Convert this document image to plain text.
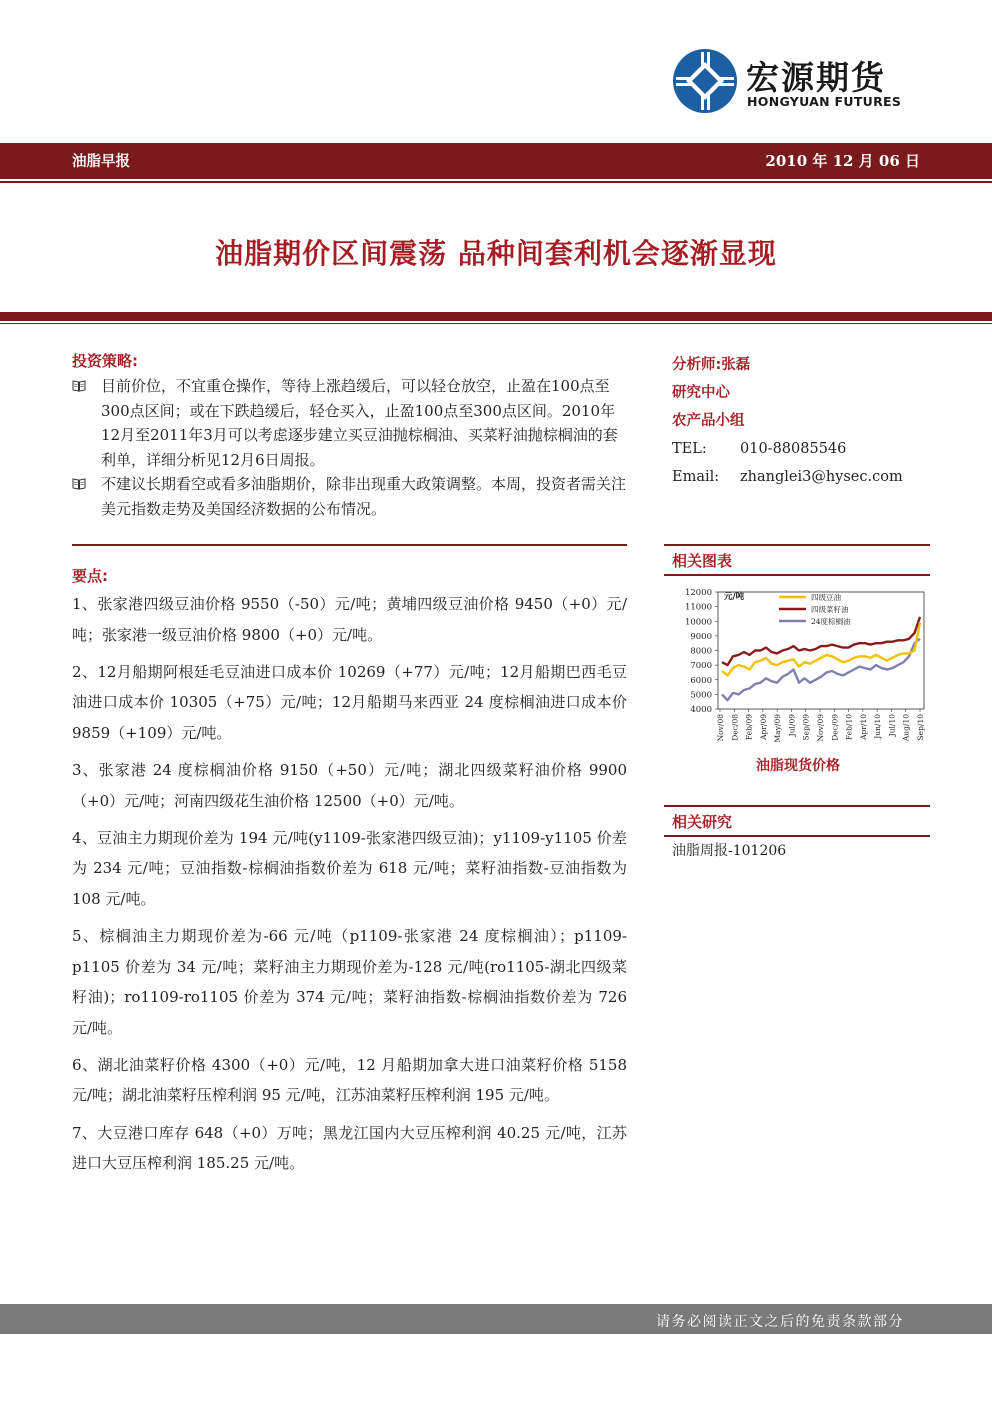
宏源期货
HONGYUAN FUTURES
油脂早报	2010 年 12 月 06 日
油脂期价区间震荡 品种间套利机会逐渐显现
投资策略:
目前价位，不宜重仓操作，等待上涨趋缓后，可以轻仓放空，止盈在100点至300点区间；或在下跌趋缓后，轻仓买入，止盈100点至300点区间。2010年12月至2011年3月可以考虑逐步建立买豆油抛棕榈油、买菜籽油抛棕榈油的套利单，详细分析见12月6日周报。
不建议长期看空或看多油脂期价，除非出现重大政策调整。本周，投资者需关注美元指数走势及美国经济数据的公布情况。
要点:

1、张家港四级豆油价格 9550（-50）元/吨；黄埔四级豆油价格 9450（+0）元/吨；张家港一级豆油价格 9800（+0）元/吨。

2、12月船期阿根廷毛豆油进口成本价 10269（+77）元/吨；12月船期巴西毛豆油进口成本价 10305（+75）元/吨；12月船期马来西亚 24 度棕榈油进口成本价 9859（+109）元/吨。

3、张家港 24 度棕榈油价格 9150（+50）元/吨；湖北四级菜籽油价格 9900（+0）元/吨；河南四级花生油价格 12500（+0）元/吨。

4、豆油主力期现价差为 194 元/吨(y1109-张家港四级豆油)；y1109-y1105 价差为 234 元/吨；豆油指数-棕榈油指数价差为 618 元/吨；菜籽油指数-豆油指数为 108 元/吨。

5、棕榈油主力期现价差为-66 元/吨（p1109-张家港 24 度棕榈油）；p1109-p1105 价差为 34 元/吨；菜籽油主力期现价差为-128 元/吨(ro1105-湖北四级菜籽油)；ro1109-ro1105 价差为 374 元/吨；菜籽油指数-棕榈油指数价差为 726 元/吨。

6、湖北油菜籽价格 4300（+0）元/吨，12 月船期加拿大进口油菜籽价格 5158 元/吨；湖北油菜籽压榨利润 95 元/吨，江苏油菜籽压榨利润 195 元/吨。

7、大豆港口库存 648（+0）万吨；黑龙江国内大豆压榨利润 40.25 元/吨，江苏进口大豆压榨利润 185.25 元/吨。

分析师:张磊
研究中心
农产品小组
TEL: 010-88085546
Email: zhanglei3@hysec.com
相关图表
12000
11000
10000
9000
8000
7000
6000
5000
4000
Nov/08 Dec/08 Feb/09 Apr/09 May/09 Jul/09 Sep/09 Nov/09 Dec/09 Feb/10 Apr/10 Jun/10 Jul/10 Aug/10 Sep/10
元/吨	四级豆油
四级菜籽油
24度棕榈油
油脂现货价格
相关研究
油脂周报-101206
请务必阅读正文之后的免责条款部分
